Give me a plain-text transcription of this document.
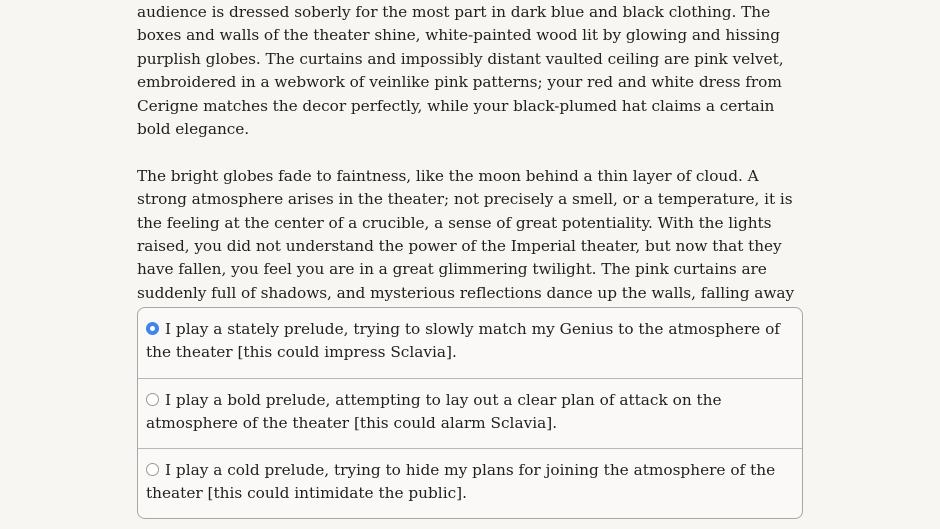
audience is dressed soberly for the most part in dark blue and black clothing. The boxes and walls of the theater shine, white-painted wood lit by glowing and hissing purplish globes. The curtains and impossibly distant vaulted ceiling are pink velvet, embroidered in a webwork of veinlike pink patterns; your red and white dress from Cerigne matches the decor perfectly, while your black-plumed hat claims a certain bold elegance.

The bright globes fade to faintness, like the moon behind a thin layer of cloud. A strong atmosphere arises in the theater; not precisely a smell, or a temperature, it is the feeling at the center of a crucible, a sense of great potentiality. With the lights raised, you did not understand the power of the Imperial theater, but now that they have fallen, you feel you are in a great glimmering twilight. The pink curtains are suddenly full of shadows, and mysterious reflections dance up the walls, falling away

I play a stately prelude, trying to slowly match my Genius to the atmosphere of the theater [this could impress Sclavia].
I play a bold prelude, attempting to lay out a clear plan of attack on the atmosphere of the theater [this could alarm Sclavia].
I play a cold prelude, trying to hide my plans for joining the atmosphere of the theater [this could intimidate the public].
